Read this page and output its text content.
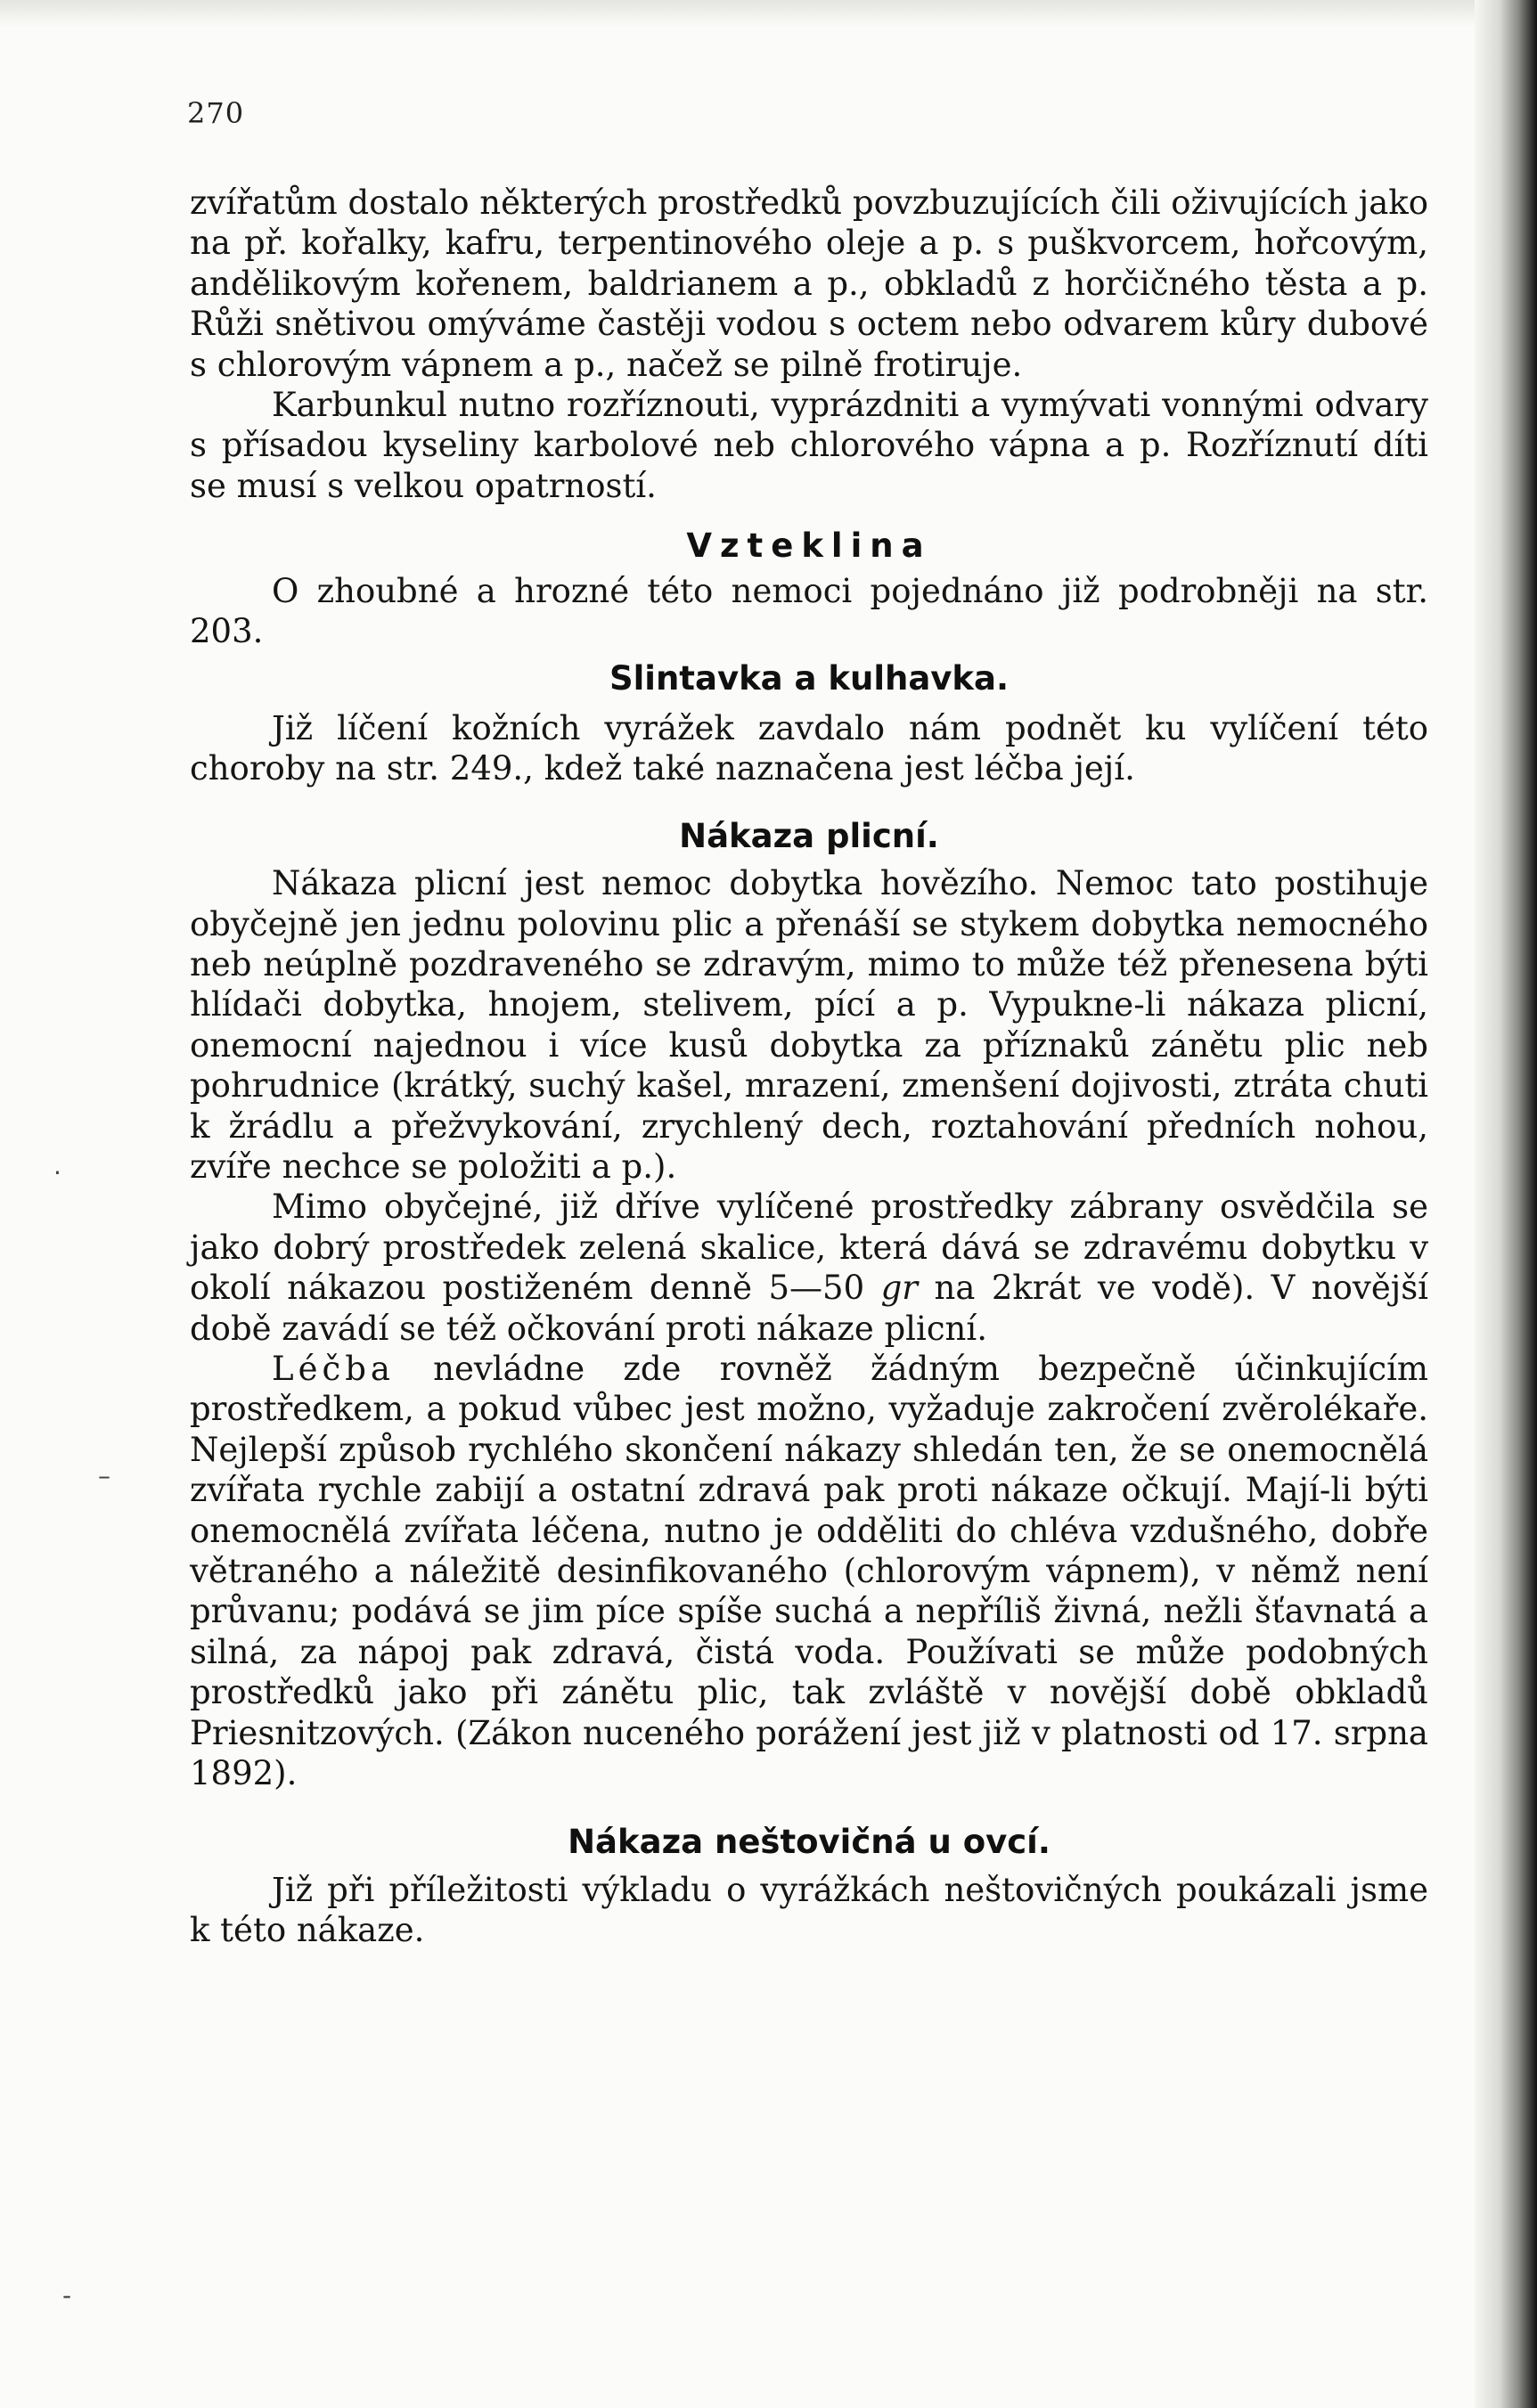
270

zvířatům dostalo některých prostředků povzbuzujících čili oživujících jako na př. kořalky, kafru, terpentinového oleje a p. s puškvorcem, hořcovým, andělikovým kořenem, baldrianem a p., obkladů z horčičného těsta a p. Růži snětivou omýváme častěji vodou s octem nebo odvarem kůry dubové s chlorovým vápnem a p., načež se pilně frotiruje.

Karbunkul nutno rozříznouti, vyprázdniti a vymývati vonnými odvary s přísadou kyseliny karbolové neb chlorového vápna a p. Rozříznutí díti se musí s velkou opatrností.

Vzteklina

O zhoubné a hrozné této nemoci pojednáno již podrobněji na str. 203.

Slintavka a kulhavka.

Již líčení kožních vyrážek zavdalo nám podnět ku vylíčení této choroby na str. 249., kdež také naznačena jest léčba její.

Nákaza plicní.

Nákaza plicní jest nemoc dobytka hovězího. Nemoc tato postihuje obyčejně jen jednu polovinu plic a přenáší se stykem dobytka nemocného neb neúplně pozdraveného se zdravým, mimo to může též přenesena býti hlídači dobytka, hnojem, stelivem, pící a p. Vypukne-li nákaza plicní, onemocní najednou i více kusů dobytka za příznaků zánětu plic neb pohrudnice (krátký, suchý kašel, mrazení, zmenšení dojivosti, ztráta chuti k žrádlu a přežvykování, zrychlený dech, roztahování předních nohou, zvíře nechce se položiti a p.).

Mimo obyčejné, již dříve vylíčené prostředky zábrany osvědčila se jako dobrý prostředek zelená skalice, která dává se zdravému dobytku v okolí nákazou postiženém denně 5—50 gr na 2krát ve vodě). V novější době zavádí se též očkování proti nákaze plicní.

Léčba nevládne zde rovněž žádným bezpečně účinkujícím prostředkem, a pokud vůbec jest možno, vyžaduje zakročení zvěrolékaře. Nejlepší způsob rychlého skončení nákazy shledán ten, že se onemocnělá zvířata rychle zabijí a ostatní zdravá pak proti nákaze očkují. Mají-li býti onemocnělá zvířata léčena, nutno je odděliti do chléva vzdušného, dobře větraného a náležitě desinfikovaného (chlorovým vápnem), v němž není průvanu; podává se jim píce spíše suchá a nepříliš živná, nežli šťavnatá a silná, za nápoj pak zdravá, čistá voda. Používati se může podobných prostředků jako při zánětu plic, tak zvláště v novější době obkladů Priesnitzových. (Zákon nuceného porážení jest již v platnosti od 17. srpna 1892).

Nákaza neštovičná u ovcí.

Již při příležitosti výkladu o vyrážkách neštovičných poukázali jsme k této nákaze.

·
–
-
